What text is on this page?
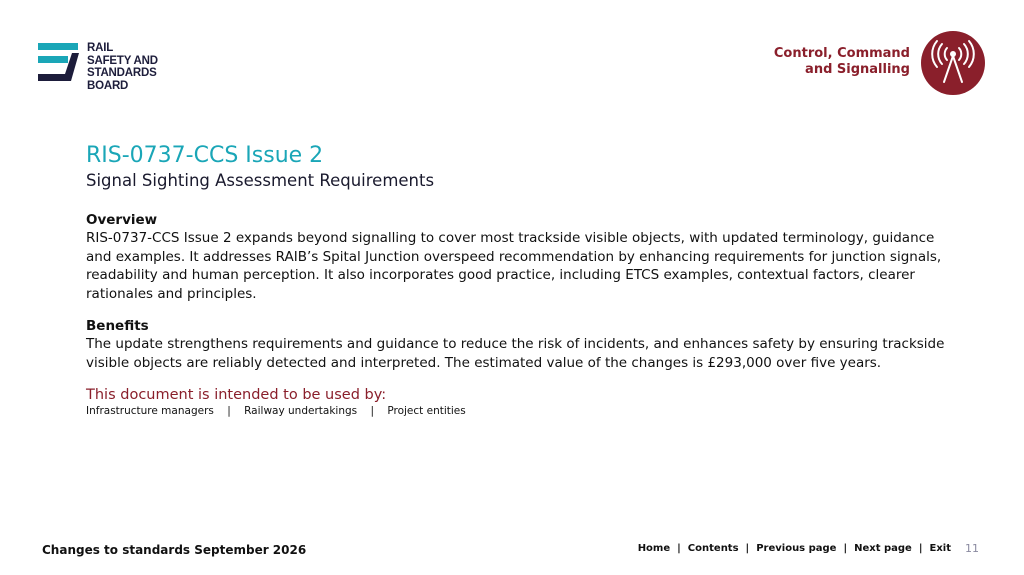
RAIL
SAFETY AND
STANDARDS
BOARD
Control, Command
and Signalling
RIS-0737-CCS Issue 2
Signal Sighting Assessment Requirements
Overview
RIS-0737-CCS Issue 2 expands beyond signalling to cover most trackside visible objects, with updated terminology, guidance and examples. It addresses RAIB’s Spital Junction overspeed recommendation by enhancing requirements for junction signals, readability and human perception. It also incorporates good practice, including ETCS examples, contextual factors, clearer rationales and principles.
Benefits
The update strengthens requirements and guidance to reduce the risk of incidents, and enhances safety by ensuring trackside visible objects are reliably detected and interpreted. The estimated value of the changes is £293,000 over five years.
This document is intended to be used by:
Infrastructure managers    |    Railway undertakings    |    Project entities
Changes to standards September 2026	Home | Contents | Previous page | Next page | Exit 11
